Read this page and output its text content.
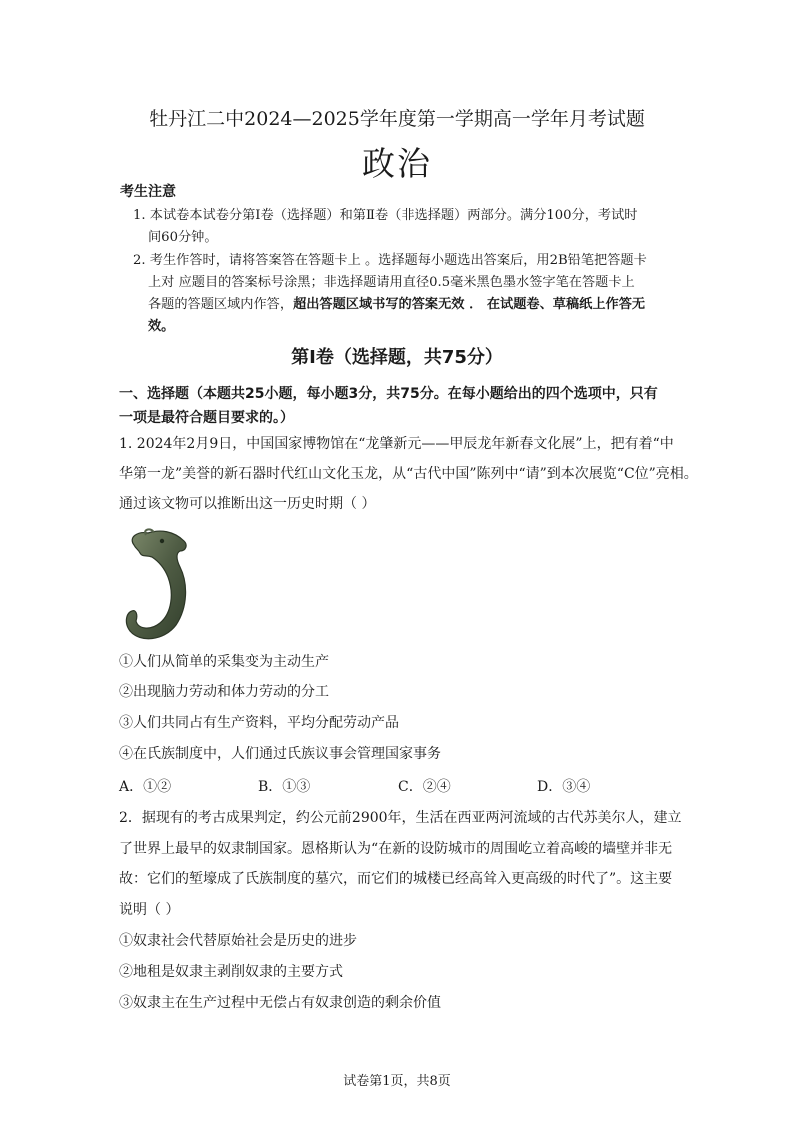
牡丹江二中2024—2025学年度第一学期高一学年月考试题
政治
考生注意
1. 本试卷本试卷分第Ⅰ卷（选择题）和第Ⅱ卷（非选择题）两部分。满分100分，考试时
间60分钟。
2. 考生作答时，请将答案答在答题卡上 。选择题每小题选出答案后，用2B铅笔把答题卡
上对 应题目的答案标号涂黑；非选择题请用直径0.5毫米黑色墨水签字笔在答题卡上
各题的答题区域内作答，超出答题区域书写的答案无效 ． 在试题卷、草稿纸上作答无
效。
第Ⅰ卷（选择题，共75分）
一、选择题（本题共25小题，每小题3分，共75分。在每小题给出的四个选项中，只有
一项是最符合题目要求的。）
1. 2024年2月9日，中国国家博物馆在“龙肇新元——甲辰龙年新春文化展”上，把有着“中
华第一龙”美誉的新石器时代红山文化玉龙，从“古代中国”陈列中“请”到本次展览“C位”亮相。
通过该文物可以推断出这一历史时期（ ）
①人们从简单的采集变为主动生产
②出现脑力劳动和体力劳动的分工
③人们共同占有生产资料，平均分配劳动产品
④在氏族制度中，人们通过氏族议事会管理国家事务
A．①②	B．①③	C．②④	D．③④
2．据现有的考古成果判定，约公元前2900年，生活在西亚两河流域的古代苏美尔人，建立
了世界上最早的奴隶制国家。恩格斯认为“在新的设防城市的周围屹立着高峻的墙壁并非无
故：它们的堑壕成了氏族制度的墓穴，而它们的城楼已经高耸入更高级的时代了”。这主要
说明（ ）
①奴隶社会代替原始社会是历史的进步
②地租是奴隶主剥削奴隶的主要方式
③奴隶主在生产过程中无偿占有奴隶创造的剩余价值
试卷第1页，共8页
